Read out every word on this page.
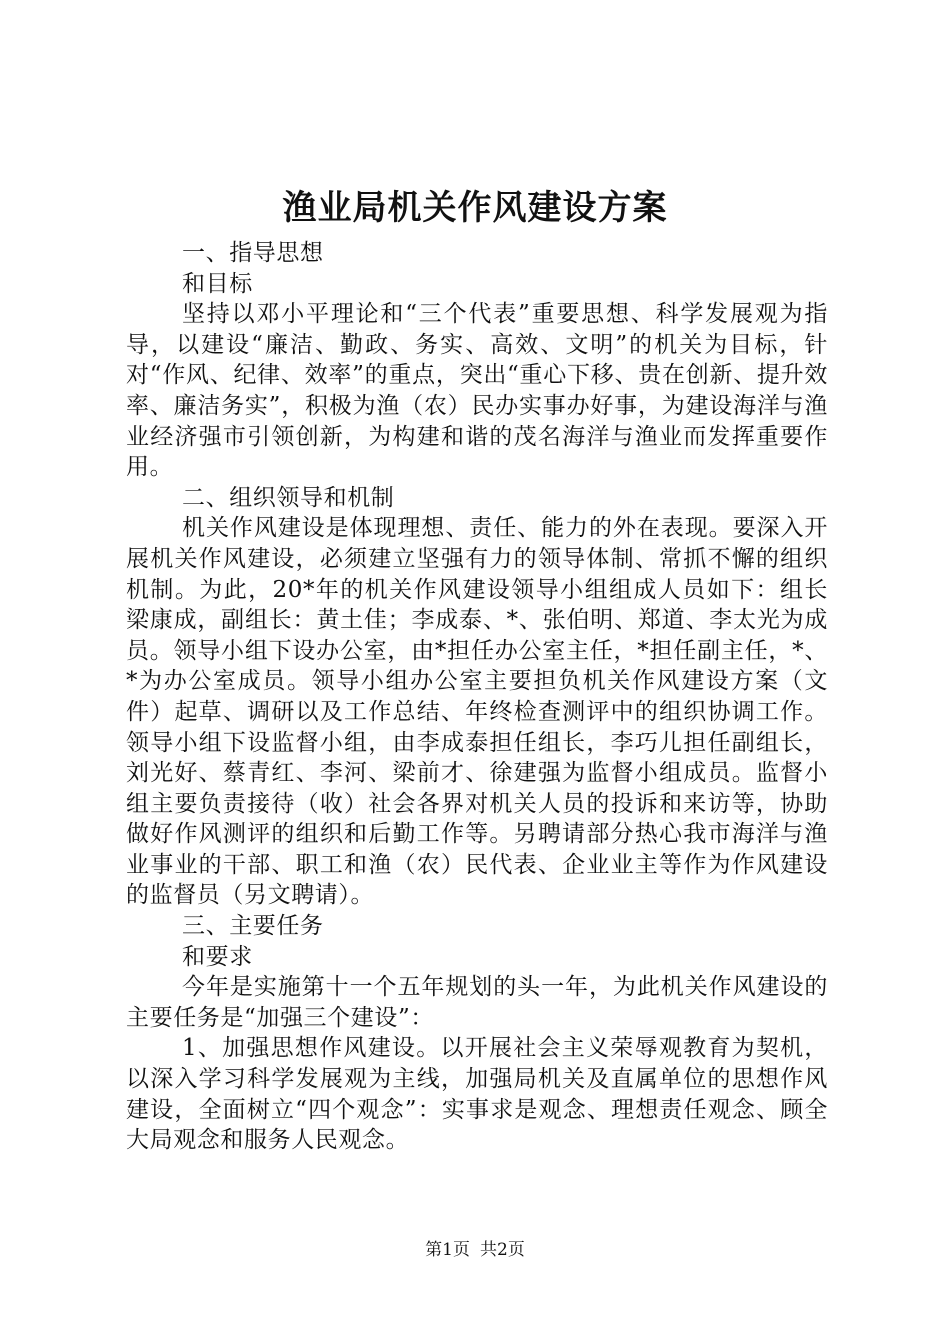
渔业局机关作风建设方案

一、指导思想

和目标

坚持以邓小平理论和“三个代表”重要思想、科学发展观为指导，以建设“廉洁、勤政、务实、高效、文明”的机关为目标，针对“作风、纪律、效率”的重点，突出“重心下移、贵在创新、提升效率、廉洁务实”，积极为渔（农）民办实事办好事，为建设海洋与渔业经济强市引领创新，为构建和谐的茂名海洋与渔业而发挥重要作用。

二、组织领导和机制

机关作风建设是体现理想、责任、能力的外在表现。要深入开展机关作风建设，必须建立坚强有力的领导体制、常抓不懈的组织机制。为此，20*年的机关作风建设领导小组组成人员如下：组长梁康成，副组长：黄土佳；李成泰、*、张伯明、郑道、李太光为成员。领导小组下设办公室，由*担任办公室主任，*担任副主任，*、*为办公室成员。领导小组办公室主要担负机关作风建设方案（文件）起草、调研以及工作总结、年终检查测评中的组织协调工作。领导小组下设监督小组，由李成泰担任组长，李巧儿担任副组长，刘光好、蔡青红、李河、梁前才、徐建强为监督小组成员。监督小组主要负责接待（收）社会各界对机关人员的投诉和来访等，协助做好作风测评的组织和后勤工作等。另聘请部分热心我市海洋与渔业事业的干部、职工和渔（农）民代表、企业业主等作为作风建设的监督员（另文聘请）。

三、主要任务

和要求

今年是实施第十一个五年规划的头一年，为此机关作风建设的主要任务是“加强三个建设”：

1、加强思想作风建设。以开展社会主义荣辱观教育为契机，以深入学习科学发展观为主线，加强局机关及直属单位的思想作风建设，全面树立“四个观念”：实事求是观念、理想责任观念、顾全大局观念和服务人民观念。

第1页 共2页
